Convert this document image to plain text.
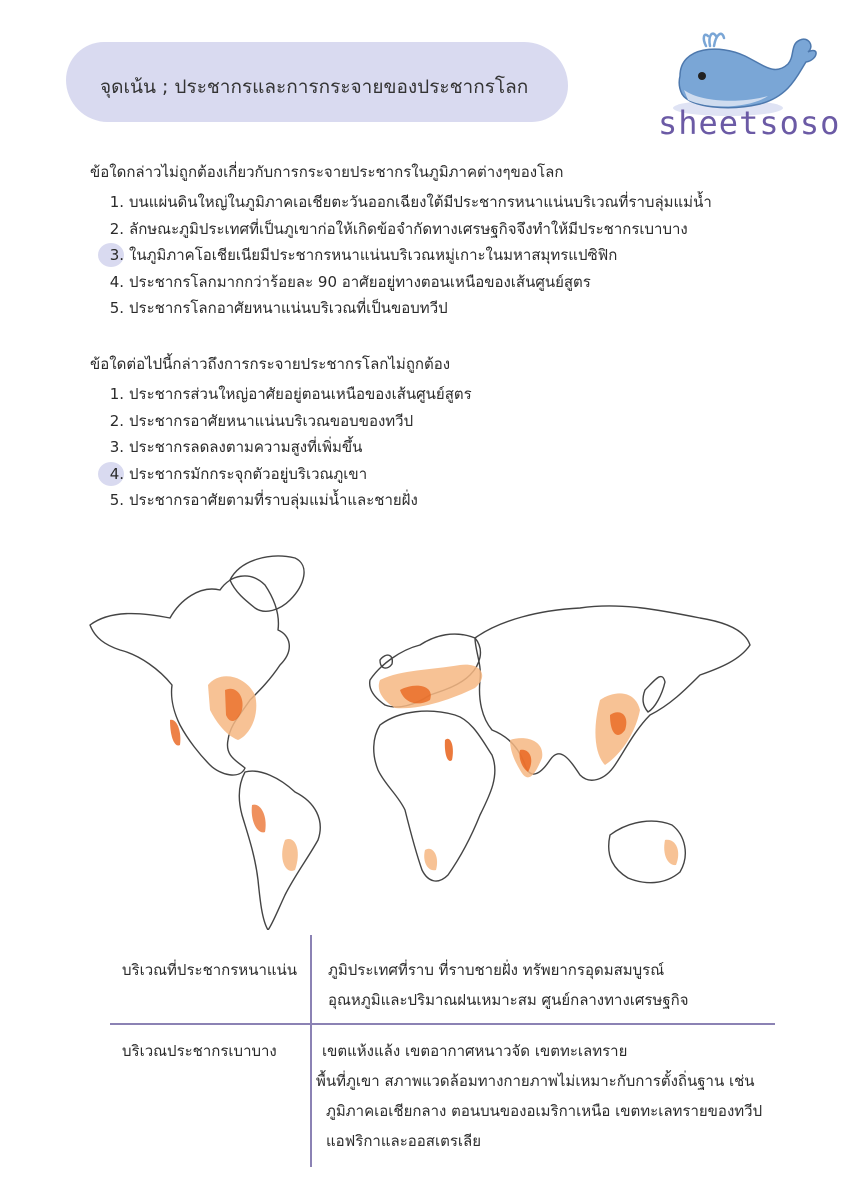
จุดเน้น ; ประชากรและการกระจายของประชากรโลก
sheetsoso
ข้อใดกล่าวไม่ถูกต้องเกี่ยวกับการกระจายประชากรในภูมิภาคต่างๆของโลก
1. บนแผ่นดินใหญ่ในภูมิภาคเอเชียตะวันออกเฉียงใต้มีประชากรหนาแน่นบริเวณที่ราบลุ่มแม่น้ำ
2. ลักษณะภูมิประเทศที่เป็นภูเขาก่อให้เกิดข้อจำกัดทางเศรษฐกิจจึงทำให้มีประชากรเบาบาง
3. ในภูมิภาคโอเชียเนียมีประชากรหนาแน่นบริเวณหมู่เกาะในมหาสมุทรแปซิฟิก
4. ประชากรโลกมากกว่าร้อยละ 90 อาศัยอยู่ทางตอนเหนือของเส้นศูนย์สูตร
5. ประชากรโลกอาศัยหนาแน่นบริเวณที่เป็นขอบทวีป
ข้อใดต่อไปนี้กล่าวถึงการกระจายประชากรโลกไม่ถูกต้อง
1. ประชากรส่วนใหญ่อาศัยอยู่ตอนเหนือของเส้นศูนย์สูตร
2. ประชากรอาศัยหนาแน่นบริเวณขอบของทวีป
3. ประชากรลดลงตามความสูงที่เพิ่มขึ้น
4. ประชากรมักกระจุกตัวอยู่บริเวณภูเขา
5. ประชากรอาศัยตามที่ราบลุ่มแม่น้ำและชายฝั่ง
บริเวณที่ประชากรหนาแน่น ภูมิประเทศที่ราบ ที่ราบชายฝั่ง ทรัพยากรอุดมสมบูรณ์
อุณหภูมิและปริมาณฝนเหมาะสม ศูนย์กลางทางเศรษฐกิจ
บริเวณประชากรเบาบาง	เขตแห้งแล้ง เขตอากาศหนาวจัด เขตทะเลทราย
พื้นที่ภูเขา สภาพแวดล้อมทางกายภาพไม่เหมาะกับการตั้งถิ่นฐาน เช่น
ภูมิภาคเอเชียกลาง ตอนบนของอเมริกาเหนือ เขตทะเลทรายของทวีป
แอฟริกาและออสเตรเลีย
